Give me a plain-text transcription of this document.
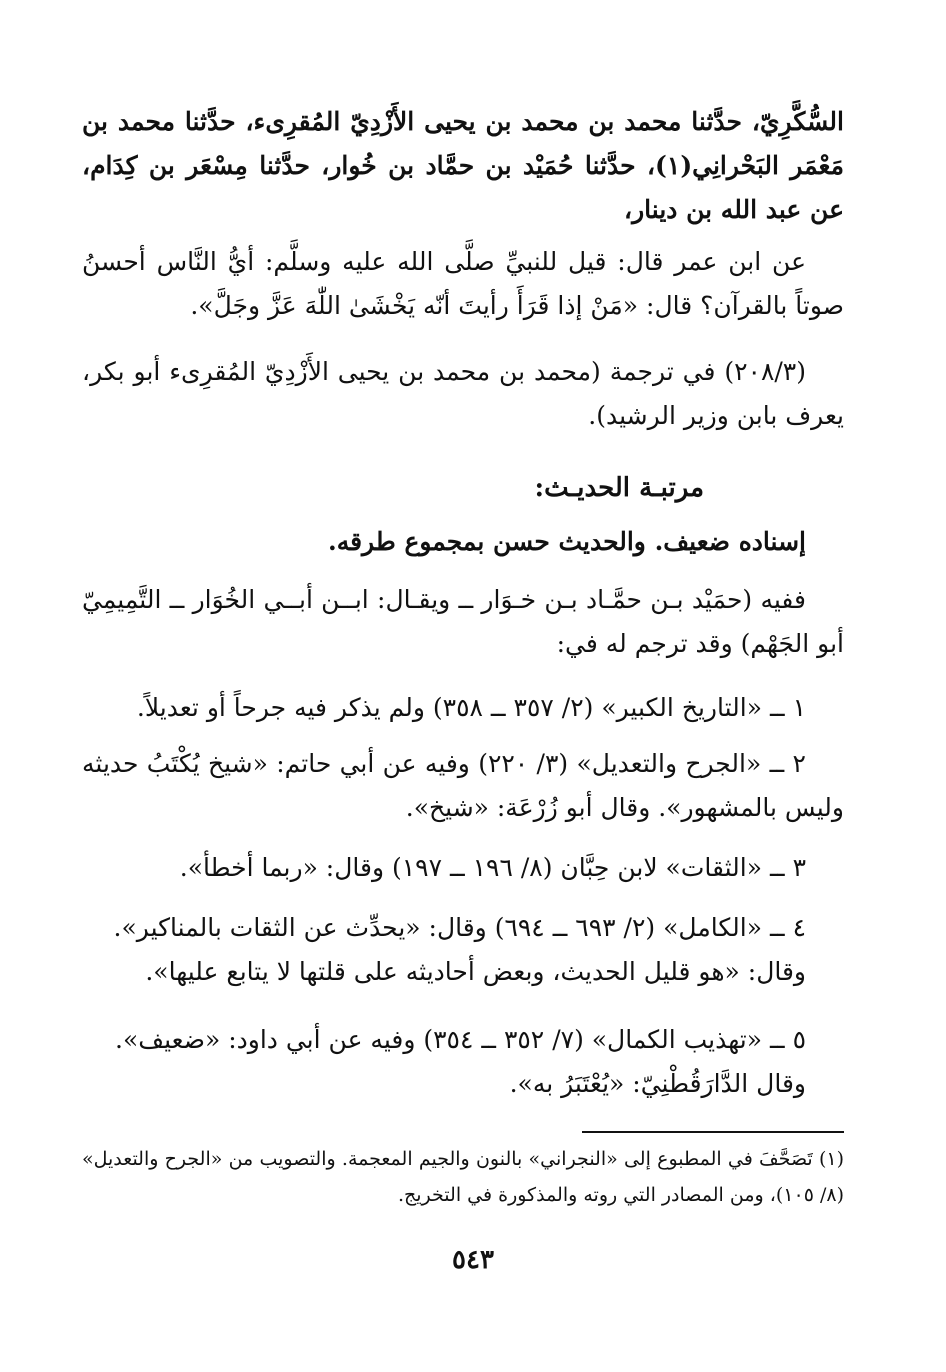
السُّكَّرِيّ، حدَّثنا محمد بن محمد بن يحيى الأَزْدِيّ المُقرِىء، حدَّثنا محمد بن مَعْمَر البَحْرانِي(١)، حدَّثنا حُمَيْد بن حمَّاد بن خُوار، حدَّثنا مِسْعَر بن كِدَام، عن عبد الله بن دينار،

عن ابن عمر قال: قيل للنبيِّ صلَّى الله عليه وسلَّم: أيُّ النَّاس أحسنُ صوتاً بالقرآن؟ قال: «مَنْ إذا قَرَأَ رأيتَ أنّه يَخْشَىٰ اللّٰهَ عَزَّ وجَلَّ».

(٢٠٨/٣) في ترجمة (محمد بن محمد بن يحيى الأَزْدِيّ المُقرِىء أبو بكر، يعرف بابن وزير الرشيد).

مرتبـة الحديـث:

إسناده ضعيف. والحديث حسن بمجموع طرقه.

ففيه (حمَيْد بـن حمَّـاد بـن خـوَار ــ ويقـال: ابــن أبــي الخُوَار ــ التَّمِيمِيّ أبو الجَهْم) وقد ترجم له في:

١ ــ «التاريخ الكبير» (٢/ ٣٥٧ ــ ٣٥٨) ولم يذكر فيه جرحاً أو تعديلاً.

٢ ــ «الجرح والتعديل» (٣/ ٢٢٠) وفيه عن أبي حاتم: «شيخ يُكْتَبُ حديثه وليس بالمشهور». وقال أبو زُرْعَة: «شيخ».

٣ ــ «الثقات» لابن حِبَّان (٨/ ١٩٦ ــ ١٩٧) وقال: «ربما أخطأ».

٤ ــ «الكامل» (٢/ ٦٩٣ ــ ٦٩٤) وقال: «يحدِّث عن الثقات بالمناكير».

وقال: «هو قليل الحديث، وبعض أحاديثه على قلتها لا يتابع عليها».

٥ ــ «تهذيب الكمال» (٧/ ٣٥٢ ــ ٣٥٤) وفيه عن أبي داود: «ضعيف».

وقال الدَّارَقُطْنِيّ: «يُعْتَبَرُ به».

(١) تَصَحَّفَ في المطبوع إلى «النجراني» بالنون والجيم المعجمة. والتصويب من «الجرح والتعديل» (٨/ ١٠٥)، ومن المصادر التي روته والمذكورة في التخريج.

٥٤٣
